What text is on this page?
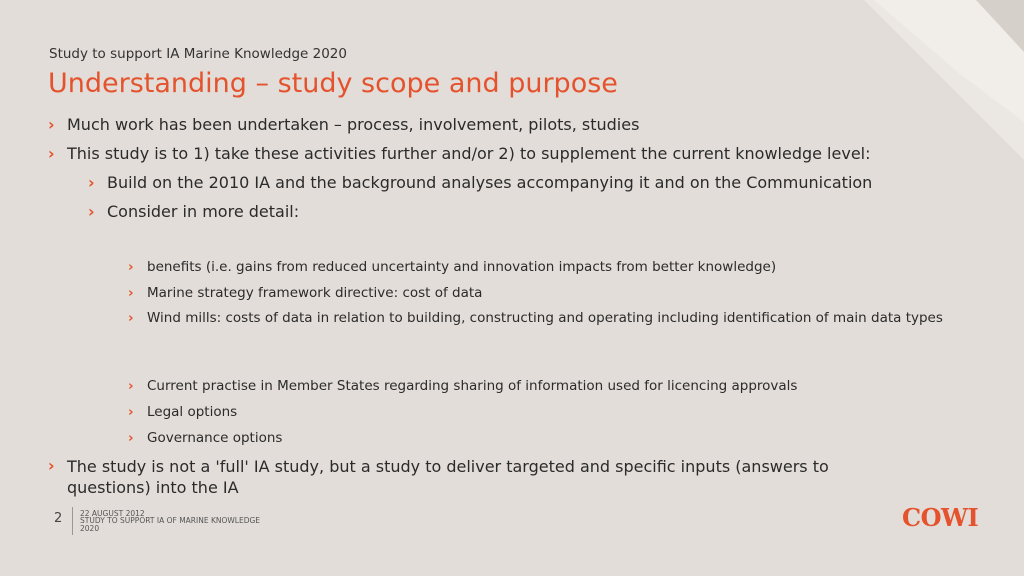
Study to support IA Marine Knowledge 2020
Understanding – study scope and purpose
› Much work has been undertaken – process, involvement, pilots, studies
› This study is to 1) take these activities further and/or 2) to supplement the current knowledge level:
› Build on the 2010 IA and the background analyses accompanying it and on the Communication
› Consider in more detail:
› benefits (i.e. gains from reduced uncertainty and innovation impacts from better knowledge)
› Marine strategy framework directive: cost of data
› Wind mills: costs of data in relation to building, constructing and operating including identification of main data types
› Current practise in Member States regarding sharing of information used for licencing approvals
› Legal options
› Governance options
› The study is not a 'full' IA study, but a study to deliver targeted and specific inputs (answers to questions) into the IA
2 22 AUGUST 2012
STUDY TO SUPPORT IA OF MARINE KNOWLEDGE
2020	COWI
